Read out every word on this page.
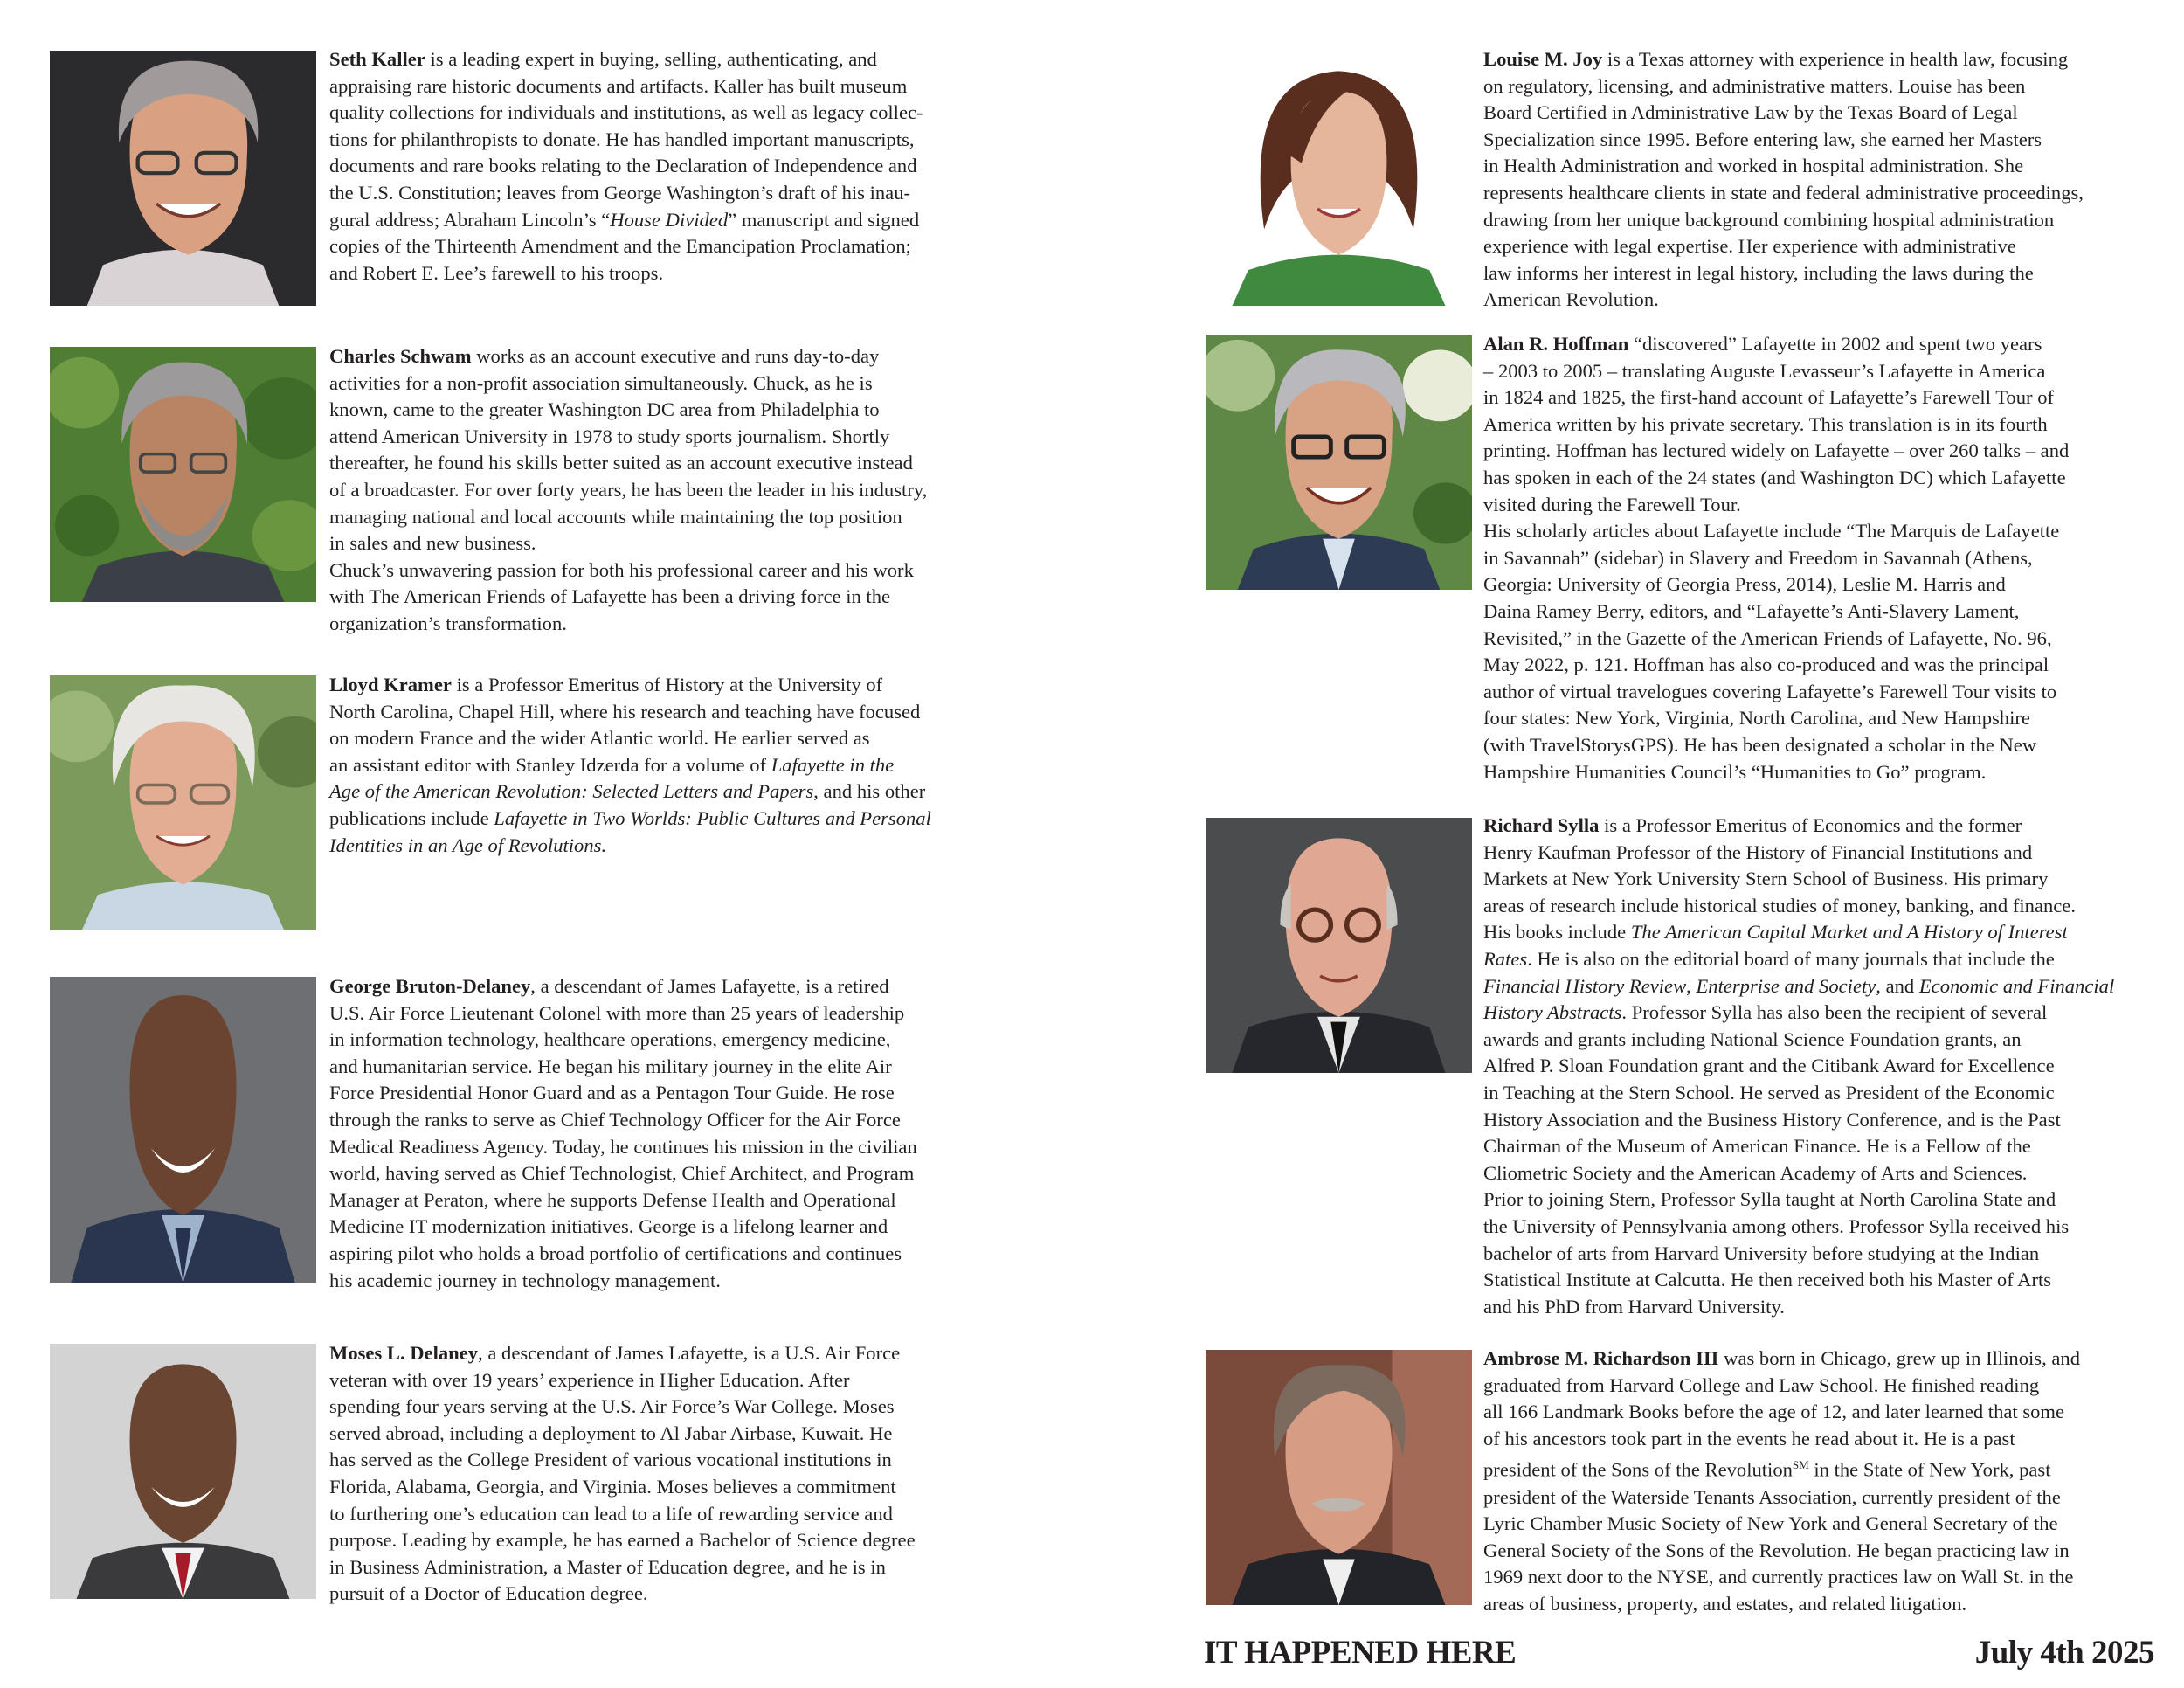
Seth Kaller is a leading expert in buying, selling, authenticating, and
appraising rare historic documents and artifacts. Kaller has built museum
quality collections for individuals and institutions, as well as legacy collec-
tions for philanthropists to donate. He has handled important manuscripts,
documents and rare books relating to the Declaration of Independence and
the U.S. Constitution; leaves from George Washington’s draft of his inau-
gural address; Abraham Lincoln’s “House Divided” manuscript and signed
copies of the Thirteenth Amendment and the Emancipation Proclamation;
and Robert E. Lee’s farewell to his troops.

Charles Schwam works as an account executive and runs day-to-day
activities for a non-profit association simultaneously. Chuck, as he is
known, came to the greater Washington DC area from Philadelphia to
attend American University in 1978 to study sports journalism. Shortly
thereafter, he found his skills better suited as an account executive instead
of a broadcaster. For over forty years, he has been the leader in his industry,
managing national and local accounts while maintaining the top position
in sales and new business.
Chuck’s unwavering passion for both his professional career and his work
with The American Friends of Lafayette has been a driving force in the
organization’s transformation.

Lloyd Kramer is a Professor Emeritus of History at the University of
North Carolina, Chapel Hill, where his research and teaching have focused
on modern France and the wider Atlantic world. He earlier served as
an assistant editor with Stanley Idzerda for a volume of Lafayette in the
Age of the American Revolution: Selected Letters and Papers, and his other
publications include Lafayette in Two Worlds: Public Cultures and Personal
Identities in an Age of Revolutions.

George Bruton-Delaney, a descendant of James Lafayette, is a retired
U.S. Air Force Lieutenant Colonel with more than 25 years of leadership
in information technology, healthcare operations, emergency medicine,
and humanitarian service. He began his military journey in the elite Air
Force Presidential Honor Guard and as a Pentagon Tour Guide. He rose
through the ranks to serve as Chief Technology Officer for the Air Force
Medical Readiness Agency. Today, he continues his mission in the civilian
world, having served as Chief Technologist, Chief Architect, and Program
Manager at Peraton, where he supports Defense Health and Operational
Medicine IT modernization initiatives. George is a lifelong learner and
aspiring pilot who holds a broad portfolio of certifications and continues
his academic journey in technology management.

Moses L. Delaney, a descendant of James Lafayette, is a U.S. Air Force
veteran with over 19 years’ experience in Higher Education. After
spending four years serving at the U.S. Air Force’s War College. Moses
served abroad, including a deployment to Al Jabar Airbase, Kuwait. He
has served as the College President of various vocational institutions in
Florida, Alabama, Georgia, and Virginia. Moses believes a commitment
to furthering one’s education can lead to a life of rewarding service and
purpose. Leading by example, he has earned a Bachelor of Science degree
in Business Administration, a Master of Education degree, and he is in
pursuit of a Doctor of Education degree.

Louise M. Joy is a Texas attorney with experience in health law, focusing
on regulatory, licensing, and administrative matters. Louise has been
Board Certified in Administrative Law by the Texas Board of Legal
Specialization since 1995. Before entering law, she earned her Masters
in Health Administration and worked in hospital administration. She
represents healthcare clients in state and federal administrative proceedings,
drawing from her unique background combining hospital administration
experience with legal expertise. Her experience with administrative
law informs her interest in legal history, including the laws during the
American Revolution.

Alan R. Hoffman “discovered” Lafayette in 2002 and spent two years
– 2003 to 2005 – translating Auguste Levasseur’s Lafayette in America
in 1824 and 1825, the first-hand account of Lafayette’s Farewell Tour of
America written by his private secretary. This translation is in its fourth
printing. Hoffman has lectured widely on Lafayette – over 260 talks – and
has spoken in each of the 24 states (and Washington DC) which Lafayette
visited during the Farewell Tour.
His scholarly articles about Lafayette include “The Marquis de Lafayette
in Savannah” (sidebar) in Slavery and Freedom in Savannah (Athens,
Georgia: University of Georgia Press, 2014), Leslie M. Harris and
Daina Ramey Berry, editors, and “Lafayette’s Anti-Slavery Lament,
Revisited,” in the Gazette of the American Friends of Lafayette, No. 96,
May 2022, p. 121. Hoffman has also co-produced and was the principal
author of virtual travelogues covering Lafayette’s Farewell Tour visits to
four states: New York, Virginia, North Carolina, and New Hampshire
(with TravelStorysGPS). He has been designated a scholar in the New
Hampshire Humanities Council’s “Humanities to Go” program.

Richard Sylla is a Professor Emeritus of Economics and the former
Henry Kaufman Professor of the History of Financial Institutions and
Markets at New York University Stern School of Business. His primary
areas of research include historical studies of money, banking, and finance.
His books include The American Capital Market and A History of Interest
Rates. He is also on the editorial board of many journals that include the
Financial History Review, Enterprise and Society, and Economic and Financial
History Abstracts. Professor Sylla has also been the recipient of several
awards and grants including National Science Foundation grants, an
Alfred P. Sloan Foundation grant and the Citibank Award for Excellence
in Teaching at the Stern School. He served as President of the Economic
History Association and the Business History Conference, and is the Past
Chairman of the Museum of American Finance. He is a Fellow of the
Cliometric Society and the American Academy of Arts and Sciences.
Prior to joining Stern, Professor Sylla taught at North Carolina State and
the University of Pennsylvania among others. Professor Sylla received his
bachelor of arts from Harvard University before studying at the Indian
Statistical Institute at Calcutta. He then received both his Master of Arts
and his PhD from Harvard University.

Ambrose M. Richardson III was born in Chicago, grew up in Illinois, and
graduated from Harvard College and Law School. He finished reading
all 166 Landmark Books before the age of 12, and later learned that some
of his ancestors took part in the events he read about it. He is a past
president of the Sons of the Revolution℠ in the State of New York, past
president of the Waterside Tenants Association, currently president of the
Lyric Chamber Music Society of New York and General Secretary of the
General Society of the Sons of the Revolution. He began practicing law in
1969 next door to the NYSE, and currently practices law on Wall St. in the
areas of business, property, and estates, and related litigation.

IT HAPPENED HERE	July 4th 2025
